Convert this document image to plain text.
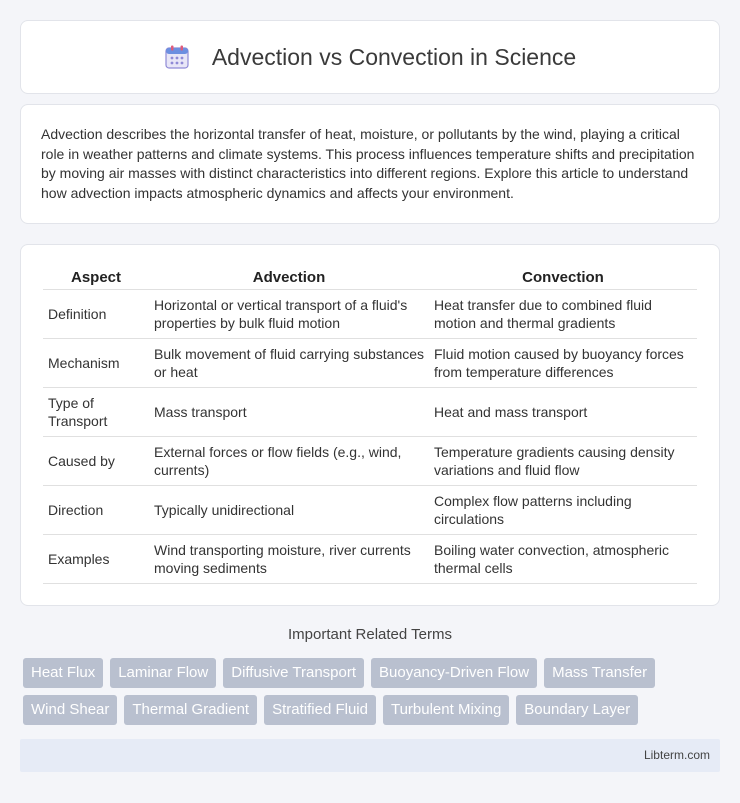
Advection vs Convection in Science

Advection describes the horizontal transfer of heat, moisture, or pollutants by the wind, playing a critical role in weather patterns and climate systems. This process influences temperature shifts and precipitation by moving air masses with distinct characteristics into different regions. Explore this article to understand how advection impacts atmospheric dynamics and affects your environment.

Aspect	Advection	Convection
Definition	Horizontal or vertical transport of a fluid's properties by bulk fluid motion	Heat transfer due to combined fluid motion and thermal gradients
Mechanism	Bulk movement of fluid carrying substances or heat	Fluid motion caused by buoyancy forces from temperature differences
Type of Transport	Mass transport	Heat and mass transport
Caused by	External forces or flow fields (e.g., wind, currents)	Temperature gradients causing density variations and fluid flow
Direction	Typically unidirectional	Complex flow patterns including circulations
Examples	Wind transporting moisture, river currents moving sediments	Boiling water convection, atmospheric thermal cells
Important Related Terms
Heat Flux	Laminar Flow	Diffusive Transport	Buoyancy-Driven Flow	Mass Transfer
Wind Shear	Thermal Gradient	Stratified Fluid	Turbulent Mixing	Boundary Layer
Libterm.com
